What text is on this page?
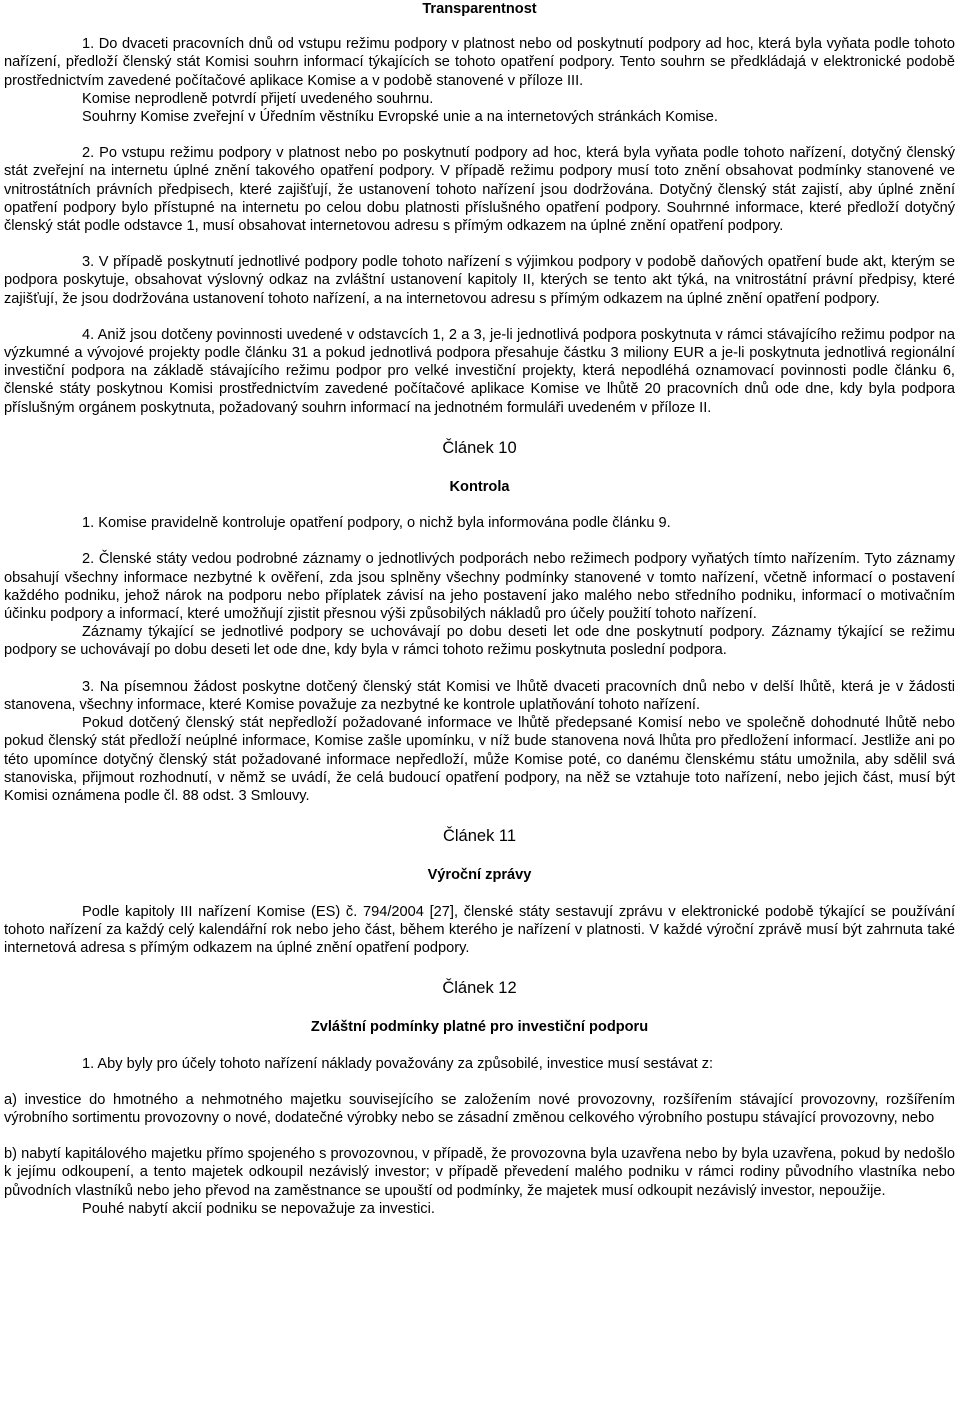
Transparentnost

1. Do dvaceti pracovních dnů od vstupu režimu podpory v platnost nebo od poskytnutí podpory ad hoc, která byla vyňata podle tohoto nařízení, předloží členský stát Komisi souhrn informací týkajících se tohoto opatření podpory. Tento souhrn se předkládajá v elektronické podobě prostřednictvím zavedené počítačové aplikace Komise a v podobě stanovené v příloze III.

Komise neprodleně potvrdí přijetí uvedeného souhrnu.

Souhrny Komise zveřejní v Úředním věstníku Evropské unie a na internetových stránkách Komise.

2. Po vstupu režimu podpory v platnost nebo po poskytnutí podpory ad hoc, která byla vyňata podle tohoto nařízení, dotyčný členský stát zveřejní na internetu úplné znění takového opatření podpory. V případě režimu podpory musí toto znění obsahovat podmínky stanovené ve vnitrostátních právních předpisech, které zajišťují, že ustanovení tohoto nařízení jsou dodržována. Dotyčný členský stát zajistí, aby úplné znění opatření podpory bylo přístupné na internetu po celou dobu platnosti příslušného opatření podpory. Souhrnné informace, které předloží dotyčný členský stát podle odstavce 1, musí obsahovat internetovou adresu s přímým odkazem na úplné znění opatření podpory.

3. V případě poskytnutí jednotlivé podpory podle tohoto nařízení s výjimkou podpory v podobě daňových opatření bude akt, kterým se podpora poskytuje, obsahovat výslovný odkaz na zvláštní ustanovení kapitoly II, kterých se tento akt týká, na vnitrostátní právní předpisy, které zajišťují, že jsou dodržována ustanovení tohoto nařízení, a na internetovou adresu s přímým odkazem na úplné znění opatření podpory.

4. Aniž jsou dotčeny povinnosti uvedené v odstavcích 1, 2 a 3, je-li jednotlivá podpora poskytnuta v rámci stávajícího režimu podpor na výzkumné a vývojové projekty podle článku 31 a pokud jednotlivá podpora přesahuje částku 3 miliony EUR a je-li poskytnuta jednotlivá regionální investiční podpora na základě stávajícího režimu podpor pro velké investiční projekty, která nepodléhá oznamovací povinnosti podle článku 6, členské státy poskytnou Komisi prostřednictvím zavedené počítačové aplikace Komise ve lhůtě 20 pracovních dnů ode dne, kdy byla podpora příslušným orgánem poskytnuta, požadovaný souhrn informací na jednotném formuláři uvedeném v příloze II.

Článek 10
Kontrola

1. Komise pravidelně kontroluje opatření podpory, o nichž byla informována podle článku 9.

2. Členské státy vedou podrobné záznamy o jednotlivých podporách nebo režimech podpory vyňatých tímto nařízením. Tyto záznamy obsahují všechny informace nezbytné k ověření, zda jsou splněny všechny podmínky stanovené v tomto nařízení, včetně informací o postavení každého podniku, jehož nárok na podporu nebo příplatek závisí na jeho postavení jako malého nebo středního podniku, informací o motivačním účinku podpory a informací, které umožňují zjistit přesnou výši způsobilých nákladů pro účely použití tohoto nařízení.

Záznamy týkající se jednotlivé podpory se uchovávají po dobu deseti let ode dne poskytnutí podpory. Záznamy týkající se režimu podpory se uchovávají po dobu deseti let ode dne, kdy byla v rámci tohoto režimu poskytnuta poslední podpora.

3. Na písemnou žádost poskytne dotčený členský stát Komisi ve lhůtě dvaceti pracovních dnů nebo v delší lhůtě, která je v žádosti stanovena, všechny informace, které Komise považuje za nezbytné ke kontrole uplatňování tohoto nařízení.

Pokud dotčený členský stát nepředloží požadované informace ve lhůtě předepsané Komisí nebo ve společně dohodnuté lhůtě nebo pokud členský stát předloží neúplné informace, Komise zašle upomínku, v níž bude stanovena nová lhůta pro předložení informací. Jestliže ani po této upomínce dotyčný členský stát požadované informace nepředloží, může Komise poté, co danému členskému státu umožnila, aby sdělil svá stanoviska, přijmout rozhodnutí, v němž se uvádí, že celá budoucí opatření podpory, na něž se vztahuje toto nařízení, nebo jejich část, musí být Komisi oznámena podle čl. 88 odst. 3 Smlouvy.

Článek 11
Výroční zprávy

Podle kapitoly III nařízení Komise (ES) č. 794/2004 [27], členské státy sestavují zprávu v elektronické podobě týkající se používání tohoto nařízení za každý celý kalendářní rok nebo jeho část, během kterého je nařízení v platnosti. V každé výroční zprávě musí být zahrnuta také internetová adresa s přímým odkazem na úplné znění opatření podpory.

Článek 12
Zvláštní podmínky platné pro investiční podporu

1. Aby byly pro účely tohoto nařízení náklady považovány za způsobilé, investice musí sestávat z:

a) investice do hmotného a nehmotného majetku souvisejícího se založením nové provozovny, rozšířením stávající provozovny, rozšířením výrobního sortimentu provozovny o nové, dodatečné výrobky nebo se zásadní změnou celkového výrobního postupu stávající provozovny, nebo

b) nabytí kapitálového majetku přímo spojeného s provozovnou, v případě, že provozovna byla uzavřena nebo by byla uzavřena, pokud by nedošlo k jejímu odkoupení, a tento majetek odkoupil nezávislý investor; v případě převedení malého podniku v rámci rodiny původního vlastníka nebo původních vlastníků nebo jeho převod na zaměstnance se upouští od podmínky, že majetek musí odkoupit nezávislý investor, nepoužije.

Pouhé nabytí akcií podniku se nepovažuje za investici.
